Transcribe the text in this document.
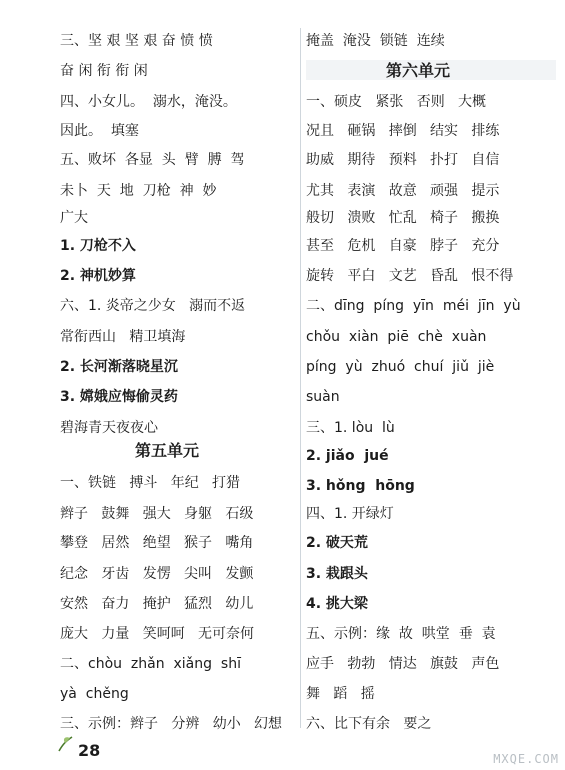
三、坚 艰 坚 艰 奋 愤 愤
奋 闲 衔 衔 闲
四、小女儿。  溺水，淹没。
因此。  填塞
五、败坏  各显  头  臂  膊  驾
未卜  天  地  刀枪  神  妙
广大
1. 刀枪不入
2. 神机妙算
六、1. 炎帝之少女   溺而不返
常衔西山   精卫填海
2. 长河渐落晓星沉
3. 嫦娥应悔偷灵药
碧海青天夜夜心
第五单元
一、铁链   搏斗   年纪   打猎
辫子   鼓舞   强大   身躯   石级
攀登   居然   绝望   猴子   嘴角
纪念   牙齿   发愣   尖叫   发颤
安然   奋力   掩护   猛烈   幼儿
庞大   力量   笑呵呵   无可奈何
二、chòu  zhǎn  xiǎng  shī
yà  chěng
三、示例：辫子   分辨   幼小   幻想
掩盖  淹没  锁链  连续
第六单元
一、硕皮   紧张   否则   大概
况且   砸锅   摔倒   结实   排练
助威   期待   预料   扑打   自信
尤其   表演   故意   顽强   提示
般切   溃败   忙乱   椅子   搬换
甚至   危机   自豪   脖子   充分
旋转   平白   文艺   昏乱   恨不得
二、dīng  píng  yīn  méi  jīn  yù
chǒu  xiàn  piē  chè  xuàn
píng  yù  zhuó  chuí  jiǔ  jiè
suàn
三、1. lòu  lù
2. jiǎo  jué
3. hǒng  hōng
四、1. 开绿灯
2. 破天荒
3. 栽跟头
4. 挑大梁
五、示例：缘  故  哄堂  垂  袁
应手   勃勃   情达   旗鼓   声色
舞   蹈   摇
六、比下有余   要之
28	MXQE.COM
